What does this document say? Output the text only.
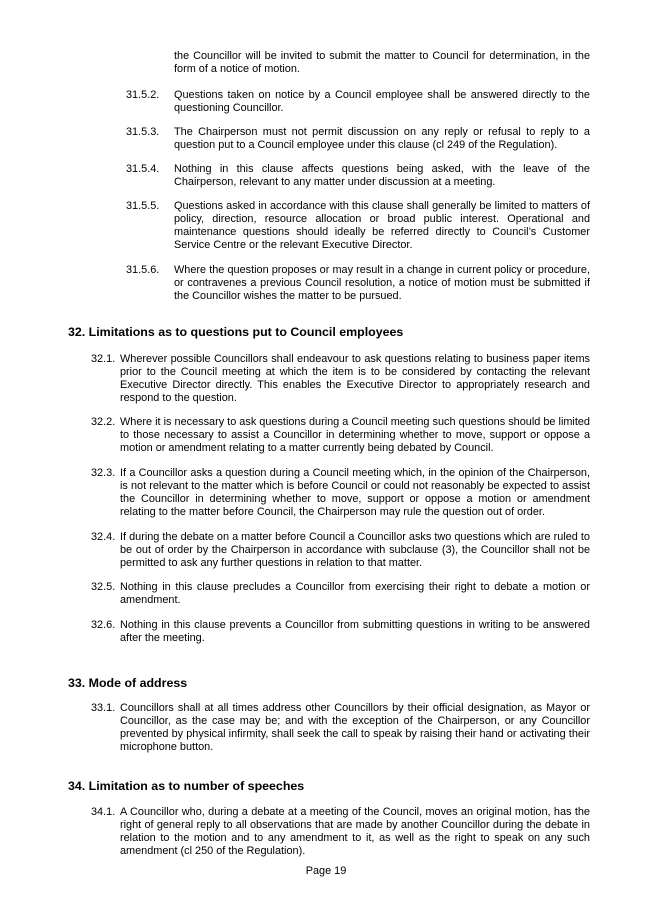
the Councillor will be invited to submit the matter to Council for determination, in the form of a notice of motion.
31.5.2. Questions taken on notice by a Council employee shall be answered directly to the questioning Councillor.
31.5.3. The Chairperson must not permit discussion on any reply or refusal to reply to a question put to a Council employee under this clause (cl 249 of the Regulation).
31.5.4. Nothing in this clause affects questions being asked, with the leave of the Chairperson, relevant to any matter under discussion at a meeting.
31.5.5. Questions asked in accordance with this clause shall generally be limited to matters of policy, direction, resource allocation or broad public interest. Operational and maintenance questions should ideally be referred directly to Council’s Customer Service Centre or the relevant Executive Director.
31.5.6. Where the question proposes or may result in a change in current policy or procedure, or contravenes a previous Council resolution, a notice of motion must be submitted if the Councillor wishes the matter to be pursued.
32. Limitations as to questions put to Council employees
32.1. Wherever possible Councillors shall endeavour to ask questions relating to business paper items prior to the Council meeting at which the item is to be considered by contacting the relevant Executive Director directly. This enables the Executive Director to appropriately research and respond to the question.
32.2. Where it is necessary to ask questions during a Council meeting such questions should be limited to those necessary to assist a Councillor in determining whether to move, support or oppose a motion or amendment relating to a matter currently being debated by Council.
32.3. If a Councillor asks a question during a Council meeting which, in the opinion of the Chairperson, is not relevant to the matter which is before Council or could not reasonably be expected to assist the Councillor in determining whether to move, support or oppose a motion or amendment relating to the matter before Council, the Chairperson may rule the question out of order.
32.4. If during the debate on a matter before Council a Councillor asks two questions which are ruled to be out of order by the Chairperson in accordance with subclause (3), the Councillor shall not be permitted to ask any further questions in relation to that matter.
32.5. Nothing in this clause precludes a Councillor from exercising their right to debate a motion or amendment.
32.6. Nothing in this clause prevents a Councillor from submitting questions in writing to be answered after the meeting.
33. Mode of address
33.1. Councillors shall at all times address other Councillors by their official designation, as Mayor or Councillor, as the case may be; and with the exception of the Chairperson, or any Councillor prevented by physical infirmity, shall seek the call to speak by raising their hand or activating their microphone button.
34. Limitation as to number of speeches
34.1. A Councillor who, during a debate at a meeting of the Council, moves an original motion, has the right of general reply to all observations that are made by another Councillor during the debate in relation to the motion and to any amendment to it, as well as the right to speak on any such amendment (cl 250 of the Regulation).
Page 19
